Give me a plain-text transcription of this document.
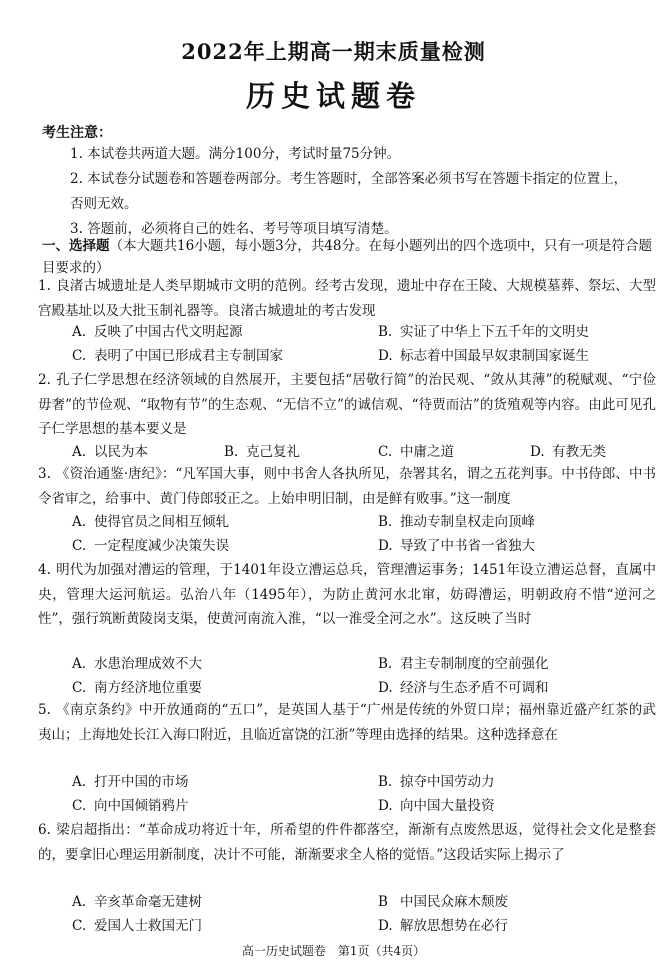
2022年上期高一期末质量检测
历史试题卷
考生注意：
1. 本试卷共两道大题。满分100分，考试时量75分钟。
2. 本试卷分试题卷和答题卷两部分。考生答题时，全部答案必须书写在答题卡指定的位置上，否则无效。
3. 答题前，必须将自己的姓名、考号等项目填写清楚。
一、选择题（本大题共16小题，每小题3分，共48分。在每小题列出的四个选项中，只有一项是符合题目要求的）
1. 良渚古城遗址是人类早期城市文明的范例。经考古发现，遗址中存在王陵、大规模墓葬、祭坛、大型宫殿基址以及大批玉制礼器等。良渚古城遗址的考古发现
A. 反映了中国古代文明起源	B. 实证了中华上下五千年的文明史
C. 表明了中国已形成君主专制国家	D. 标志着中国最早奴隶制国家诞生
2. 孔子仁学思想在经济领域的自然展开，主要包括“居敬行简”的治民观、“敛从其薄”的税赋观、“宁俭毋奢”的节俭观、“取物有节”的生态观、“无信不立”的诚信观、“待贾而沽”的货殖观等内容。由此可见孔子仁学思想的基本要义是
A. 以民为本	B. 克己复礼	C. 中庸之道	D. 有教无类
3. 《资治通鉴·唐纪》：“凡军国大事，则中书舍人各执所见，杂署其名，谓之五花判事。中书侍郎、中书令省审之，给事中、黄门侍郎驳正之。上始申明旧制，由是鲜有败事。”这一制度
A. 使得官员之间相互倾轧	B. 推动专制皇权走向顶峰
C. 一定程度减少决策失误	D. 导致了中书省一省独大
4. 明代为加强对漕运的管理，于1401年设立漕运总兵，管理漕运事务；1451年设立漕运总督，直属中央，管理大运河航运。弘治八年（1495年），为防止黄河水北窜，妨碍漕运，明朝政府不惜“逆河之性”，强行筑断黄陵岗支渠，使黄河南流入淮，“以一淮受全河之水”。这反映了当时
A. 水患治理成效不大	B. 君主专制制度的空前强化
C. 南方经济地位重要	D. 经济与生态矛盾不可调和
5. 《南京条约》中开放通商的“五口”，是英国人基于“广州是传统的外贸口岸；福州靠近盛产红茶的武夷山；上海地处长江入海口附近，且临近富饶的江浙”等理由选择的结果。这种选择意在
A. 打开中国的市场	B. 掠夺中国劳动力
C. 向中国倾销鸦片	D. 向中国大量投资
6. 梁启超指出：“革命成功将近十年，所希望的件件都落空，渐渐有点废然思返，觉得社会文化是整套的，要拿旧心理运用新制度，决计不可能，渐渐要求全人格的觉悟。”这段话实际上揭示了
A. 辛亥革命毫无建树	B 中国民众麻木颓废
C. 爱国人士救国无门	D. 解放思想势在必行
高一历史试题卷　第1页（共4页）
